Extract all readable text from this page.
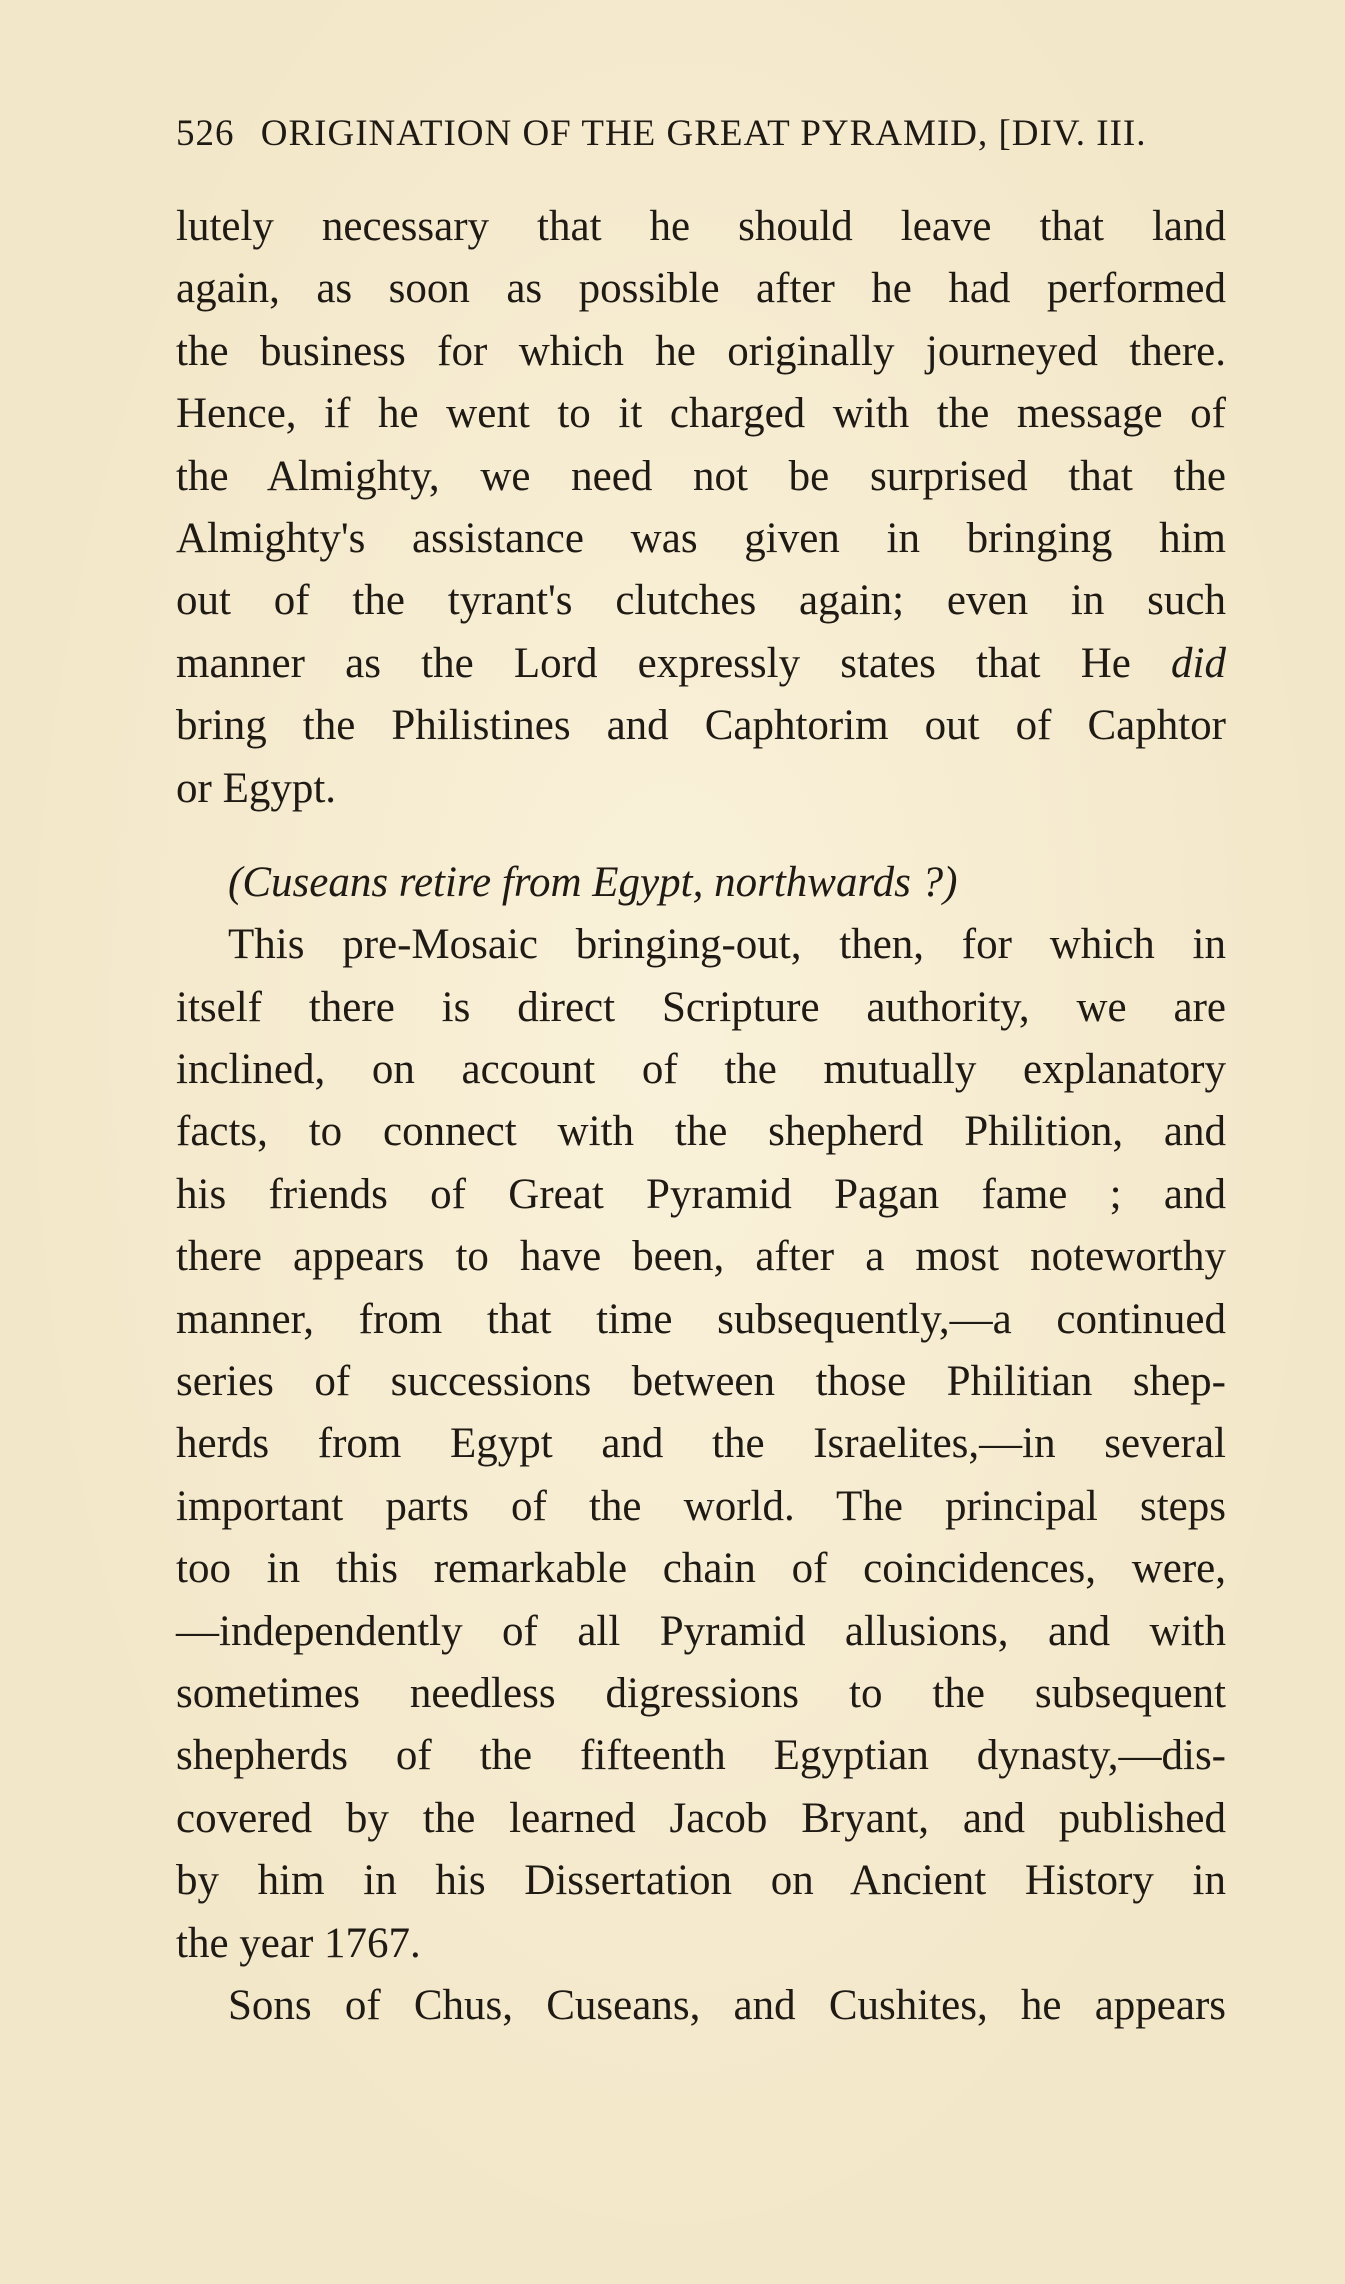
526 ORIGINATION OF THE GREAT PYRAMID, [DIV. III.
lutely necessary that he should leave that land
again, as soon as possible after he had performed
the business for which he originally journeyed there.
Hence, if he went to it charged with the message of
the Almighty, we need not be surprised that the
Almighty's assistance was given in bringing him
out of the tyrant's clutches again; even in such
manner as the Lord expressly states that He did
bring the Philistines and Caphtorim out of Caphtor
or Egypt.
(Cuseans retire from Egypt, northwards ?)
This pre-Mosaic bringing-out, then, for which in
itself there is direct Scripture authority, we are
inclined, on account of the mutually explanatory
facts, to connect with the shepherd Philition, and
his friends of Great Pyramid Pagan fame ; and
there appears to have been, after a most noteworthy
manner, from that time subsequently,—a continued
series of successions between those Philitian shep-
herds from Egypt and the Israelites,—in several
important parts of the world. The principal steps
too in this remarkable chain of coincidences, were,
—independently of all Pyramid allusions, and with
sometimes needless digressions to the subsequent
shepherds of the fifteenth Egyptian dynasty,—dis-
covered by the learned Jacob Bryant, and published
by him in his Dissertation on Ancient History in
the year 1767.
Sons of Chus, Cuseans, and Cushites, he appears
